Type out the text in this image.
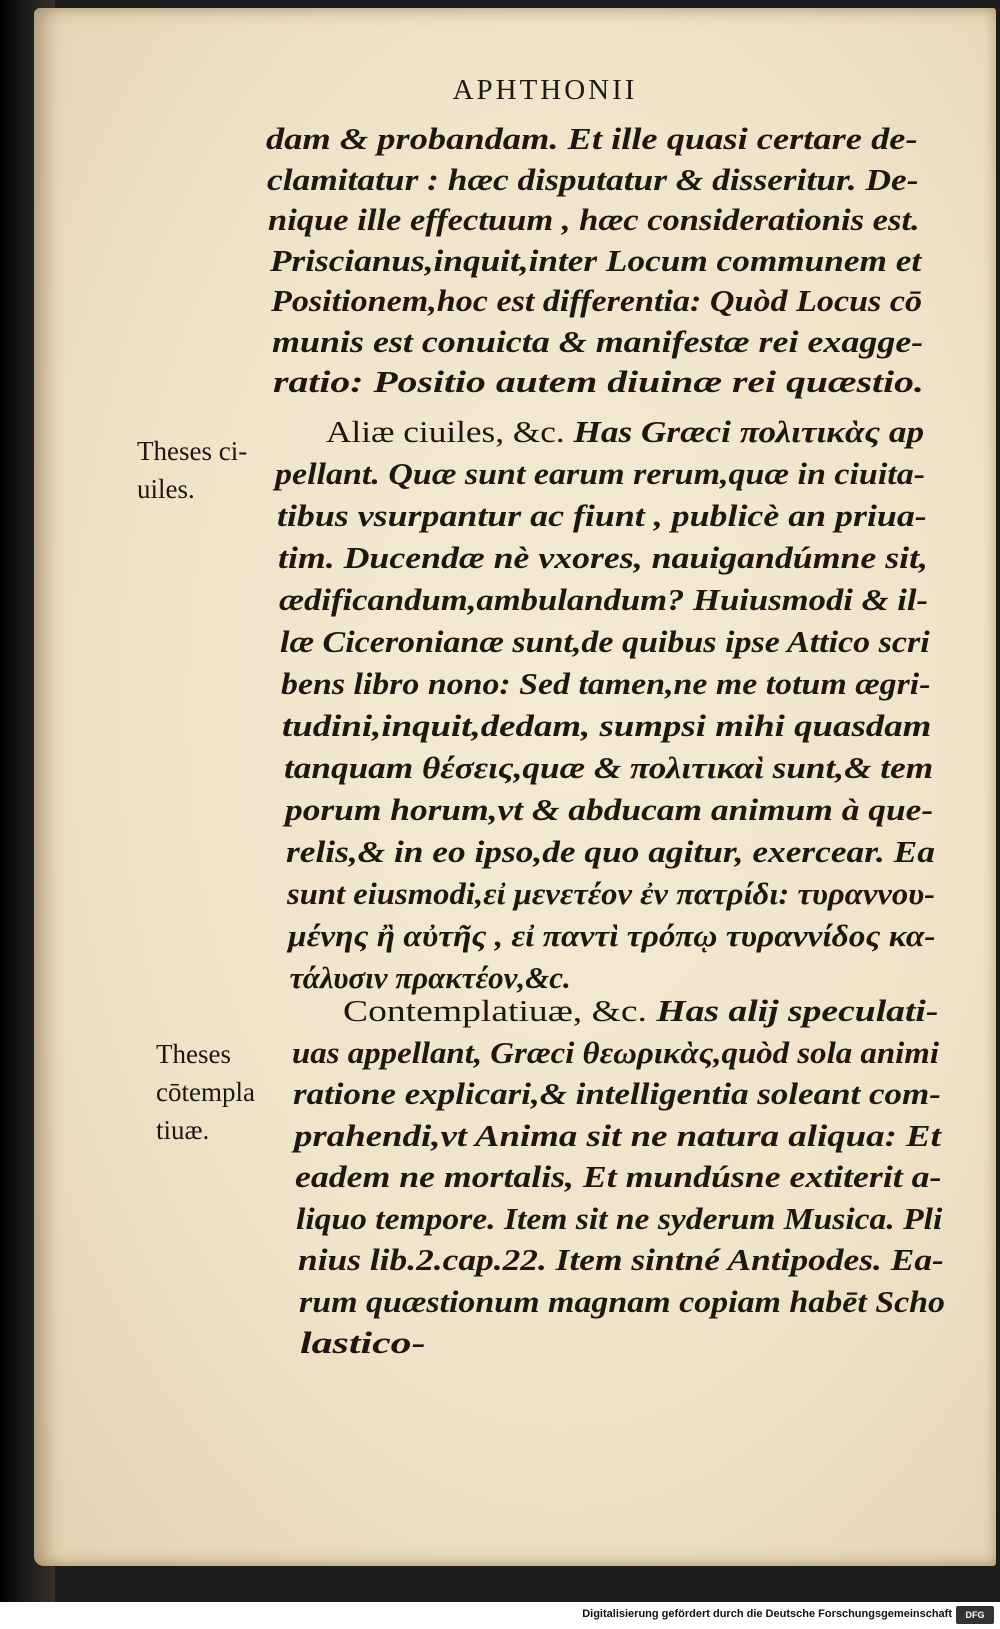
APHTHONII
dam & probandam. Et ille quasi certare de-
clamitatur : hæc disputatur & disseritur. De-
nique ille effectuum , hæc considerationis est.
Priscianus,inquit,inter Locum communem et
Positionem,hoc est differentia: Quòd Locus cō
munis est conuicta & manifestæ rei exagge-
ratio: Positio autem diuinæ rei quæstio.
Aliæ ciuiles, &c. Has Græci πολιτικὰς ap
pellant. Quæ sunt earum rerum,quæ in ciuita-
tibus vsurpantur ac fiunt , publicè an priua-
tim. Ducendæ nè vxores, nauigandúmne sit,
ædificandum,ambulandum? Huiusmodi & il-
læ Ciceronianæ sunt,de quibus ipse Attico scri
bens libro nono: Sed tamen,ne me totum ægri-
tudini,inquit,dedam, sumpsi mihi quasdam
tanquam θέσεις,quæ & πολιτικαὶ sunt,& tem
porum horum,vt & abducam animum à que-
relis,& in eo ipso,de quo agitur, exercear. Ea
sunt eiusmodi,εἰ μενετέον ἐν πατρίδι: τυραννου-
μένης ἢ αὐτῆς , εἰ παντὶ τρόπῳ τυραννίδος κα-
τάλυσιν πρακτέον,&c.
Contemplatiuæ, &c. Has alij speculati-
uas appellant, Græci θεωρικὰς,quòd sola animi
ratione explicari,& intelligentia soleant com-
prahendi,vt Anima sit ne natura aliqua: Et
eadem ne mortalis, Et mundúsne extiterit a-
liquo tempore. Item sit ne syderum Musica. Pli
nius lib.2.cap.22. Item sintné Antipodes. Ea-
rum quæstionum magnam copiam habēt Scho
lastico-
Theses ci-
uiles.
Theses
cōtempla
tiuæ.
Digitalisierung gefördert durch die Deutsche Forschungsgemeinschaft	DFG
